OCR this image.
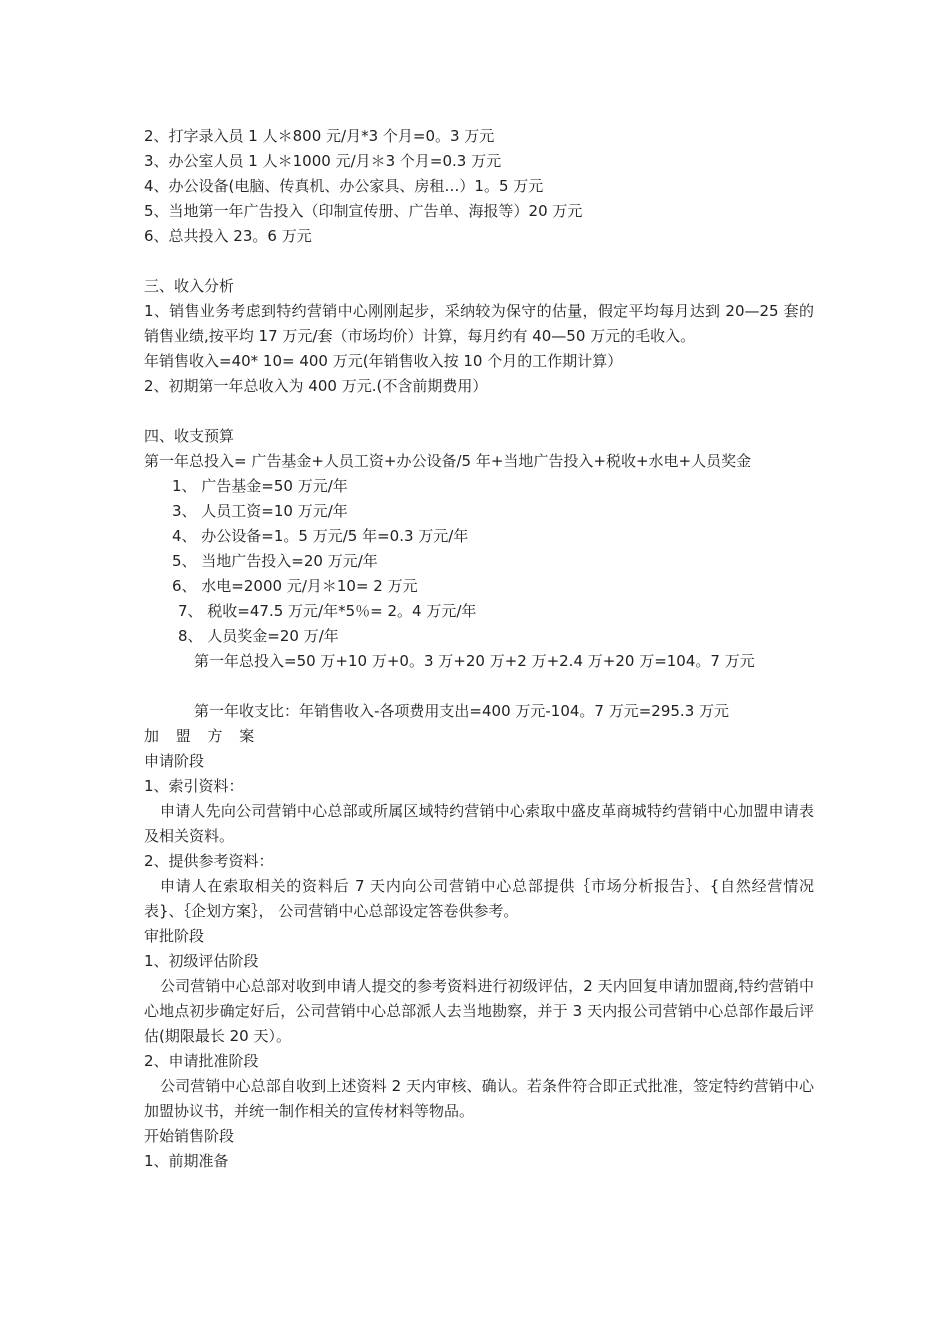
2、打字录入员 1 人＊800 元/月*3 个月=0。3 万元
3、办公室人员 1 人＊1000 元/月＊3 个月=0.3 万元
4、办公设备(电脑、传真机、办公家具、房租…）1。5 万元
5、当地第一年广告投入（印制宣传册、广告单、海报等）20 万元
6、总共投入 23。6 万元
三、收入分析
1、销售业务考虑到特约营销中心刚刚起步，采纳较为保守的估量，假定平均每月达到 20—25 套的销售业绩,按平均 17 万元/套（市场均价）计算，每月约有 40—50 万元的毛收入。
年销售收入=40* 10= 400 万元(年销售收入按 10 个月的工作期计算）
2、初期第一年总收入为 400 万元.(不含前期费用）
四、收支预算
第一年总投入= 广告基金+人员工资+办公设备/5 年+当地广告投入+税收+水电+人员奖金
1、 广告基金=50 万元/年
3、 人员工资=10 万元/年
4、 办公设备=1。5 万元/5 年=0.3 万元/年
5、 当地广告投入=20 万元/年
6、 水电=2000 元/月＊10= 2 万元
7、 税收=47.5 万元/年*5％= 2。4 万元/年
8、 人员奖金=20 万/年
第一年总投入=50 万+10 万+0。3 万+20 万+2 万+2.4 万+20 万=104。7 万元
第一年收支比：年销售收入-各项费用支出=400 万元-104。7 万元=295.3 万元
加 盟 方 案
申请阶段
1、索引资料：
申请人先向公司营销中心总部或所属区域特约营销中心索取中盛皮革商城特约营销中心加盟申请表及相关资料。
2、提供参考资料：
申请人在索取相关的资料后 7 天内向公司营销中心总部提供｛市场分析报告｝、{自然经营情况表}、｛企划方案｝， 公司营销中心总部设定答卷供参考。
审批阶段
1、初级评估阶段
公司营销中心总部对收到申请人提交的参考资料进行初级评估，2 天内回复申请加盟商,特约营销中心地点初步确定好后，公司营销中心总部派人去当地勘察，并于 3 天内报公司营销中心总部作最后评估(期限最长 20 天）。
2、申请批准阶段
公司营销中心总部自收到上述资料 2 天内审核、确认。若条件符合即正式批准，签定特约营销中心加盟协议书，并统一制作相关的宣传材料等物品。
开始销售阶段
1、前期准备
